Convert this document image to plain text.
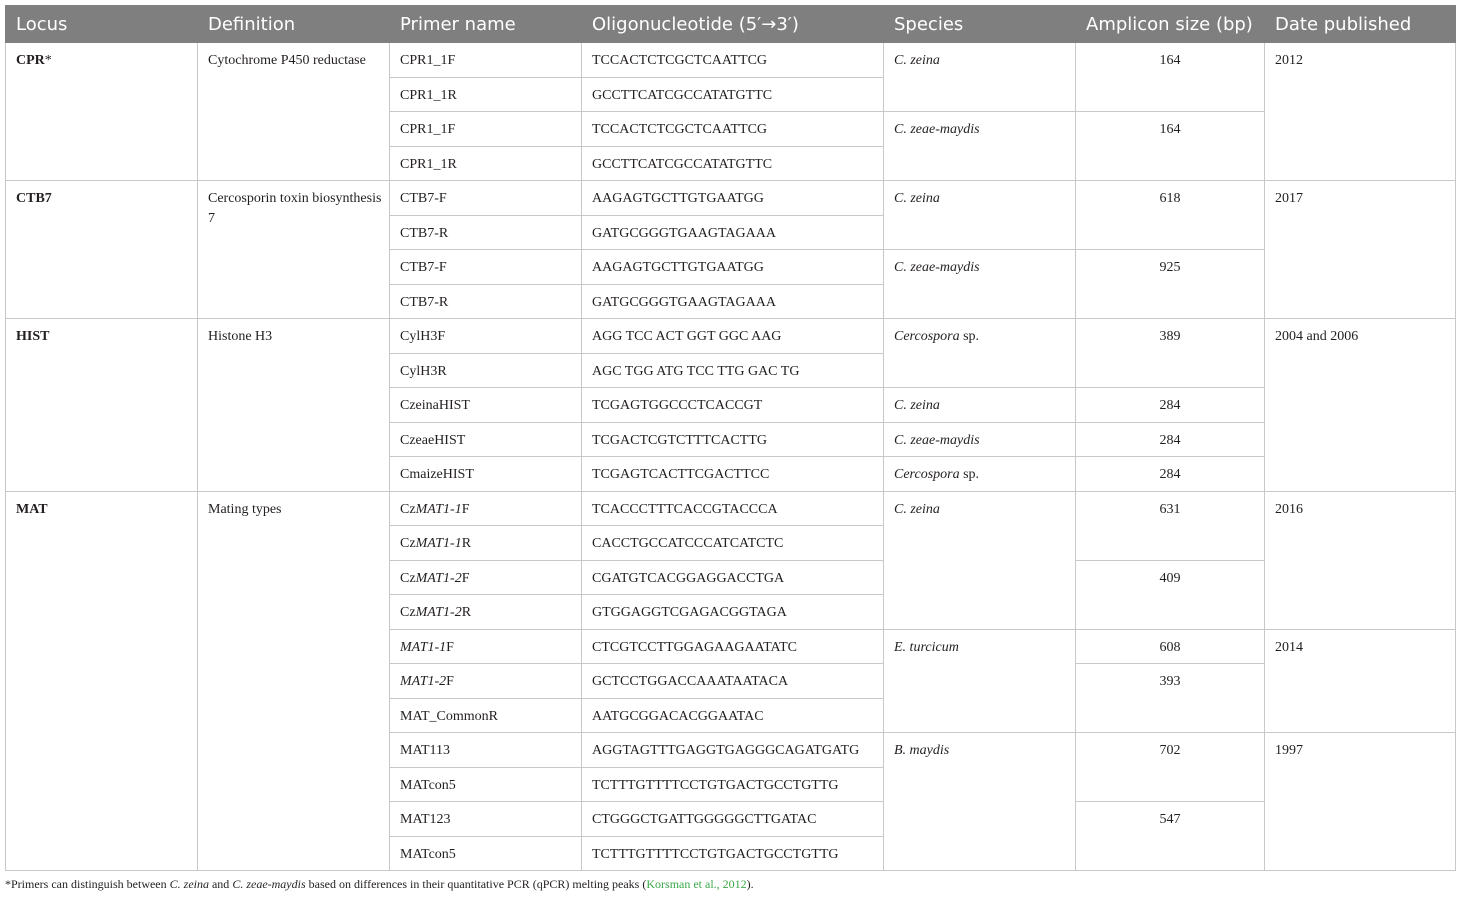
Locus	Definition	Primer name	Oligonucleotide (5′→3′)	Species	Amplicon size (bp)	Date published
CPR*	Cytochrome P450 reductase	CPR1_1F	TCCACTCTCGCTCAATTCG	C. zeina	164	2012
		CPR1_1R	GCCTTCATCGCCATATGTTC			
		CPR1_1F	TCCACTCTCGCTCAATTCG	C. zeae-maydis	164	
		CPR1_1R	GCCTTCATCGCCATATGTTC			
CTB7	Cercosporin toxin biosynthesis 7	CTB7-F	AAGAGTGCTTGTGAATGG	C. zeina	618	2017
		CTB7-R	GATGCGGGTGAAGTAGAAA			
		CTB7-F	AAGAGTGCTTGTGAATGG	C. zeae-maydis	925	
		CTB7-R	GATGCGGGTGAAGTAGAAA			
HIST	Histone H3	CylH3F	AGG TCC ACT GGT GGC AAG	Cercospora sp.	389	2004 and 2006
		CylH3R	AGC TGG ATG TCC TTG GAC TG			
		CzeinaHIST	TCGAGTGGCCCTCACCGT	C. zeina	284	
		CzeaeHIST	TCGACTCGTCTTTCACTTG	C. zeae-maydis	284	
		CmaizeHIST	TCGAGTCACTTCGACTTCC	Cercospora sp.	284	
MAT	Mating types	CzMAT1-1F	TCACCCTTTCACCGTACCCA	C. zeina	631	2016
		CzMAT1-1R	CACCTGCCATCCCATCATCTC			
		CzMAT1-2F	CGATGTCACGGAGGACCTGA		409	
		CzMAT1-2R	GTGGAGGTCGAGACGGTAGA			
		MAT1-1F	CTCGTCCTTGGAGAAGAATATC	E. turcicum	608	2014
		MAT1-2F	GCTCCTGGACCAAATAATACA		393	
		MAT_CommonR	AATGCGGACACGGAATAC			
		MAT113	AGGTAGTTTGAGGTGAGGGCAGATGATG	B. maydis	702	1997
		MATcon5	TCTTTGTTTTCCTGTGACTGCCTGTTG			
		MAT123	CTGGGCTGATTGGGGGCTTGATAC		547	
		MATcon5	TCTTTGTTTTCCTGTGACTGCCTGTTG			
*Primers can distinguish between C. zeina and C. zeae-maydis based on differences in their quantitative PCR (qPCR) melting peaks (Korsman et al., 2012).
